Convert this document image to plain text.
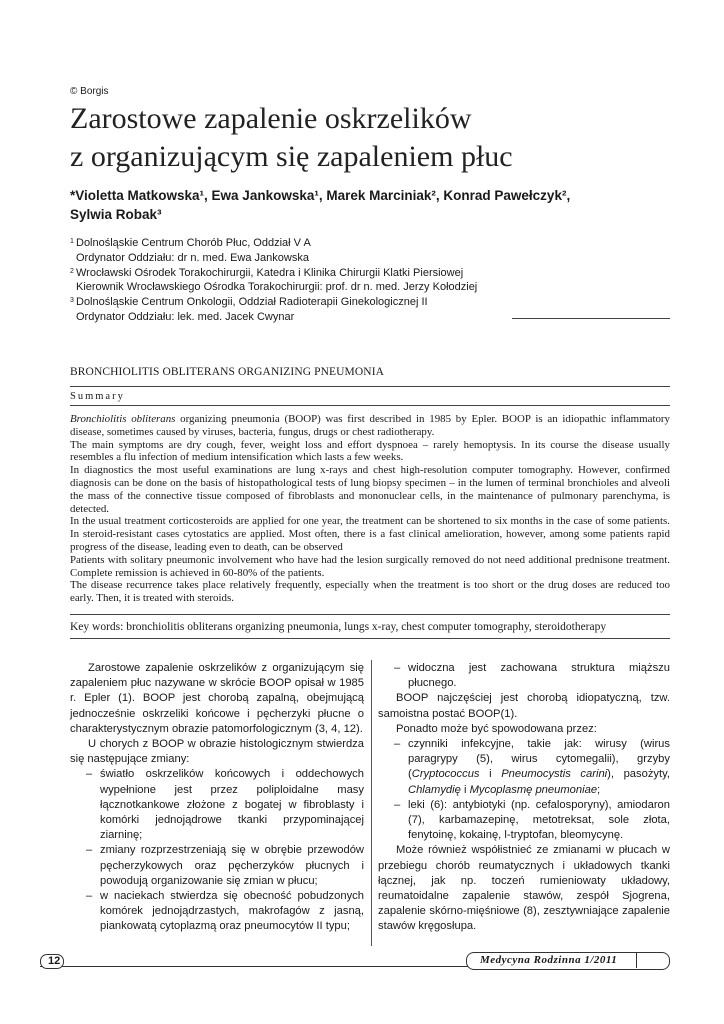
© Borgis
Zarostowe zapalenie oskrzelików
z organizującym się zapaleniem płuc
*Violetta Matkowska¹, Ewa Jankowska¹, Marek Marciniak², Konrad Pawełczyk²,
Sylwia Robak³
1 Dolnośląskie Centrum Chorób Płuc, Oddział V A
Ordynator Oddziału: dr n. med. Ewa Jankowska
2 Wrocławski Ośrodek Torakochirurgii, Katedra i Klinika Chirurgii Klatki Piersiowej
Kierownik Wrocławskiego Ośrodka Torakochirurgii: prof. dr n. med. Jerzy Kołodziej
3 Dolnośląskie Centrum Onkologii, Oddział Radioterapii Ginekologicznej II
Ordynator Oddziału: lek. med. Jacek Cwynar
BRONCHIOLITIS OBLITERANS ORGANIZING PNEUMONIA
Summary

Bronchiolitis obliterans organizing pneumonia (BOOP) was first described in 1985 by Epler. BOOP is an idiopathic inflammatory disease, sometimes caused by viruses, bacteria, fungus, drugs or chest radiotherapy.

The main symptoms are dry cough, fever, weight loss and effort dyspnoea – rarely hemoptysis. In its course the disease usually resembles a flu infection of medium intensification which lasts a few weeks.

In diagnostics the most useful examinations are lung x-rays and chest high-resolution computer tomography. However, confirmed diagnosis can be done on the basis of histopathological tests of lung biopsy specimen – in the lumen of terminal bronchioles and alveoli the mass of the connective tissue composed of fibroblasts and mononuclear cells, in the maintenance of pulmonary parenchyma, is detected.

In the usual treatment corticosteroids are applied for one year, the treatment can be shortened to six months in the case of some patients. In steroid-resistant cases cytostatics are applied. Most often, there is a fast clinical amelioration, however, among some patients rapid progress of the disease, leading even to death, can be observed

Patients with solitary pneumonic involvement who have had the lesion surgically removed do not need additional prednisone treatment. Complete remission is achieved in 60-80% of the patients.

The disease recurrence takes place relatively frequently, especially when the treatment is too short or the drug doses are reduced too early. Then, it is treated with steroids.

Key words: bronchiolitis obliterans organizing pneumonia, lungs x-ray, chest computer tomography, steroidotherapy

Zarostowe zapalenie oskrzelików z organizującym się zapaleniem płuc nazywane w skrócie BOOP opisał w 1985 r. Epler (1). BOOP jest chorobą zapalną, obejmującą jednocześnie oskrzeliki końcowe i pęcherzyki płucne o charakterystycznym obrazie patomorfologicznym (3, 4, 12).

U chorych z BOOP w obrazie histologicznym stwierdza się następujące zmiany:

– światło oskrzelików końcowych i oddechowych wypełnione jest przez poliploidalne masy łącznotkankowe złożone z bogatej w fibroblasty i komórki jednojądrowe tkanki przypominającej ziarninę;
– zmiany rozprzestrzeniają się w obrębie przewodów pęcherzykowych oraz pęcherzyków płucnych i powodują organizowanie się zmian w płucu;
– w naciekach stwierdza się obecność pobudzonych komórek jednojądrzastych, makrofagów z jasną, piankowatą cytoplazmą oraz pneumocytów II typu;
– widoczna jest zachowana struktura miąższu płucnego.

BOOP najczęściej jest chorobą idiopatyczną, tzw. samoistna postać BOOP(1).

Ponadto może być spowodowana przez:

– czynniki infekcyjne, takie jak: wirusy (wirus paragrypy (5), wirus cytomegalii), grzyby (Cryptococcus i Pneumocystis carini), pasożyty, Chlamydię i Mycoplasmę pneumoniae;
– leki (6): antybiotyki (np. cefalosporyny), amiodaron (7), karbamazepinę, metotreksat, sole złota, fenytoinę, kokainę, l-tryptofan, bleomycynę.

Może również współistnieć ze zmianami w płucach w przebiegu chorób reumatycznych i układowych tkanki łącznej, jak np. toczeń rumieniowaty układowy, reumatoidalne zapalenie stawów, zespół Sjogrena, zapalenie skórno-mięśniowe (8), zesztywniające zapalenie stawów kręgosłupa.

12	Medycyna Rodzinna 1/2011
